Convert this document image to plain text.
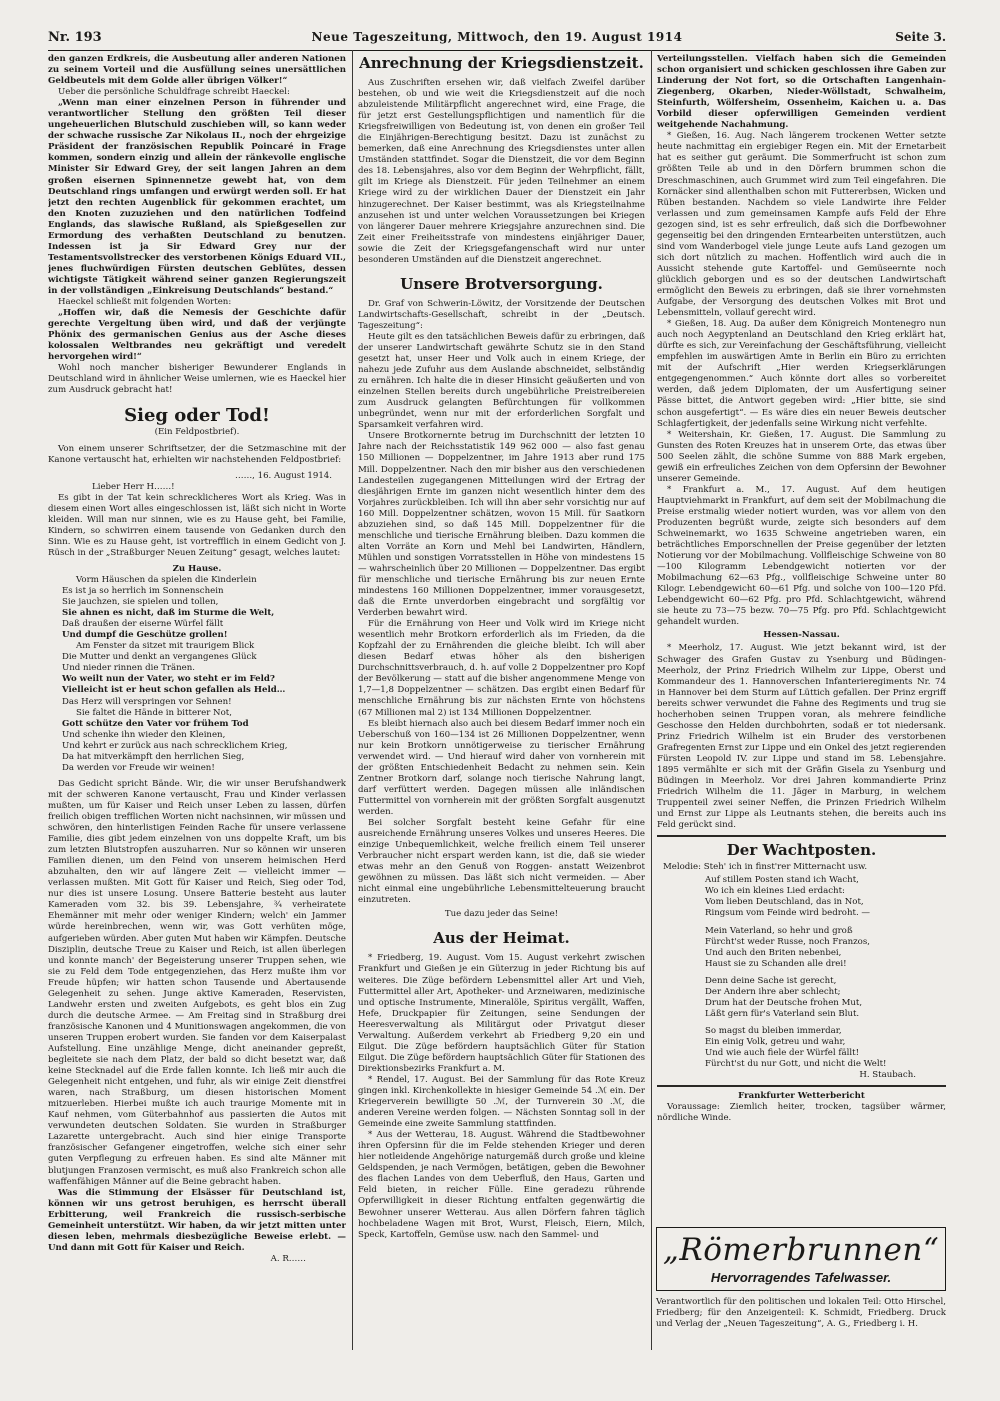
Nr. 193	Neue Tageszeitung, Mittwoch, den 19. August 1914	Seite 3.

den ganzen Erdkreis, die Ausbeutung aller anderen Nationen zu seinem Vorteil und die Ausfüllung seines unersättlichen Geldbeutels mit dem Golde aller übrigen Völker!“

Ueber die persönliche Schuldfrage schreibt Haeckel:

„Wenn man einer einzelnen Person in führender und verantwortlicher Stellung den größten Teil dieser ungeheuerlichen Blutschuld zuschieben will, so kann weder der schwache russische Zar Nikolaus II., noch der ehrgeizige Präsident der französischen Republik Poincaré in Frage kommen, sondern einzig und allein der ränkevolle englische Minister Sir Edward Grey, der seit langen Jahren an dem großen eisernen Spinnennetze gewebt hat, von dem Deutschland rings umfangen und erwürgt werden soll. Er hat jetzt den rechten Augenblick für gekommen erachtet, um den Knoten zuzuziehen und den natürlichen Todfeind Englands, das slawische Rußland, als Spießgesellen zur Ermordung des verhaßten Deutschland zu benutzen. Indessen ist ja Sir Edward Grey nur der Testamentsvollstrecker des verstorbenen Königs Eduard VII., jenes fluchwürdigen Fürsten deutschen Geblütes, dessen wichtigste Tätigkeit während seiner ganzen Regierungszeit in der vollständigen „Einkreisung Deutschlands“ bestand.“

Haeckel schließt mit folgenden Worten:

„Hoffen wir, daß die Nemesis der Geschichte dafür gerechte Vergeltung üben wird, und daß der verjüngte Phönix des germanischen Genius aus der Asche dieses kolossalen Weltbrandes neu gekräftigt und veredelt hervorgehen wird!“

Wohl noch mancher bisheriger Bewunderer Englands in Deutschland wird in ähnlicher Weise umlernen, wie es Haeckel hier zum Ausdruck gebracht hat!

Sieg oder Tod!
(Ein Feldpostbrief).

Von einem unserer Schriftsetzer, der die Setzmaschine mit der Kanone vertauscht hat, erhielten wir nachstehenden Feldpostbrief:

……, 16. August 1914.
Lieber Herr H……!

Es gibt in der Tat kein schrecklicheres Wort als Krieg. Was in diesem einen Wort alles eingeschlossen ist, läßt sich nicht in Worte kleiden. Will man nur sinnen, wie es zu Hause geht, bei Familie, Kindern, so schwirren einem tausende von Gedanken durch den Sinn. Wie es zu Hause geht, ist vortrefflich in einem Gedicht von J. Rüsch in der „Straßburger Neuen Zeitung“ gesagt, welches lautet:

Zu Hause.
Vorm Häuschen da spielen die Kinderlein
Es ist ja so herrlich im Sonnenschein
Sie jauchzen, sie spielen und tollen,
Sie ahnen es nicht, daß im Sturme die Welt,
Daß draußen der eiserne Würfel fällt
Und dumpf die Geschütze grollen!
Am Fenster da sitzet mit traurigem Blick
Die Mutter und denkt an vergangenes Glück
Und nieder rinnen die Tränen.
Wo weilt nun der Vater, wo steht er im Feld?
Vielleicht ist er heut schon gefallen als Held…
Das Herz will verspringen vor Sehnen!
Sie faltet die Hände in bitterer Not,
Gott schütze den Vater vor frühem Tod
Und schenke ihn wieder den Kleinen,
Und kehrt er zurück aus nach schrecklichem Krieg,
Da hat mitverkämpft den herrlichen Sieg,
Da werden vor Freude wir weinen!

Das Gedicht spricht Bände. Wir, die wir unser Berufshandwerk mit der schweren Kanone vertauscht, Frau und Kinder verlassen mußten, um für Kaiser und Reich unser Leben zu lassen, dürfen freilich obigen trefflichen Worten nicht nachsinnen, wir müssen und schwören, den hinterlistigen Feinden Rache für unsere verlassene Familie, dies gibt jedem einzelnen von uns doppelte Kraft, um bis zum letzten Blutstropfen auszuharren. Nur so können wir unseren Familien dienen, um den Feind von unserem heimischen Herd abzuhalten, den wir auf längere Zeit — vielleicht immer — verlassen mußten. Mit Gott für Kaiser und Reich, Sieg oder Tod, nur dies ist unsere Losung. Unsere Batterie besteht aus lauter Kameraden vom 32. bis 39. Lebensjahre, ¾ verheiratete Ehemänner mit mehr oder weniger Kindern; welch' ein Jammer würde hereinbrechen, wenn wir, was Gott verhüten möge, aufgerieben würden. Aber guten Mut haben wir Kämpfen. Deutsche Disziplin, deutsche Treue zu Kaiser und Reich, ist allen überlegen und konnte manch' der Begeisterung unserer Truppen sehen, wie sie zu Feld dem Tode entgegenziehen, das Herz mußte ihm vor Freude hüpfen; wir hatten schon Tausende und Abertausende Gelegenheit zu sehen. Junge aktive Kameraden, Reservisten, Landwehr ersten und zweiten Aufgebots, es geht blos ein Zug durch die deutsche Armee. — Am Freitag sind in Straßburg drei französische Kanonen und 4 Munitionswagen angekommen, die von unseren Truppen erobert wurden. Sie fanden vor dem Kaiserpalast Aufstellung. Eine unzählige Menge, dicht aneinander gepreßt, begleitete sie nach dem Platz, der bald so dicht besetzt war, daß keine Stecknadel auf die Erde fallen konnte. Ich ließ mir auch die Gelegenheit nicht entgehen, und fuhr, als wir einige Zeit dienstfrei waren, nach Straßburg, um diesen historischen Moment mitzuerleben. Hierbei mußte ich auch traurige Momente mit in Kauf nehmen, vom Güterbahnhof aus passierten die Autos mit verwundeten deutschen Soldaten. Sie wurden in Straßburger Lazarette untergebracht. Auch sind hier einige Transporte französischer Gefangener eingetroffen, welche sich einer sehr guten Verpflegung zu erfreuen haben. Es sind alte Männer mit blutjungen Franzosen vermischt, es muß also Frankreich schon alle waffenfähigen Männer auf die Beine gebracht haben.

Was die Stimmung der Elsässer für Deutschland ist, können wir uns getrost beruhigen, es herrscht überall Erbitterung, weil Frankreich die russisch-serbische Gemeinheit unterstützt. Wir haben, da wir jetzt mitten unter diesen leben, mehrmals diesbezügliche Beweise erlebt. — Und dann mit Gott für Kaiser und Reich.

A. R……
Anrechnung der Kriegsdienstzeit.

Aus Zuschriften ersehen wir, daß vielfach Zweifel darüber bestehen, ob und wie weit die Kriegsdienstzeit auf die noch abzuleistende Militärpflicht angerechnet wird, eine Frage, die für jetzt erst Gestellungspflichtigen und namentlich für die Kriegsfreiwilligen von Bedeutung ist, von denen ein großer Teil die Einjährigen-Berechtigung besitzt. Dazu ist zunächst zu bemerken, daß eine Anrechnung des Kriegsdienstes unter allen Umständen stattfindet. Sogar die Dienstzeit, die vor dem Beginn des 18. Lebensjahres, also vor dem Beginn der Wehrpflicht, fällt, gilt im Kriege als Dienstzeit. Für jeden Teilnehmer an einem Kriege wird zu der wirklichen Dauer der Dienstzeit ein Jahr hinzugerechnet. Der Kaiser bestimmt, was als Kriegsteilnahme anzusehen ist und unter welchen Voraussetzungen bei Kriegen von längerer Dauer mehrere Kriegsjahre anzurechnen sind. Die Zeit einer Freiheitsstrafe von mindestens einjähriger Dauer, sowie die Zeit der Kriegsgefangenschaft wird nur unter besonderen Umständen auf die Dienstzeit angerechnet.

Unsere Brotversorgung.

Dr. Graf von Schwerin-Löwitz, der Vorsitzende der Deutschen Landwirtschafts-Gesellschaft, schreibt in der „Deutsch. Tageszeitung“:

Heute gilt es den tatsächlichen Beweis dafür zu erbringen, daß der unserer Landwirtschaft gewährte Schutz sie in den Stand gesetzt hat, unser Heer und Volk auch in einem Kriege, der nahezu jede Zufuhr aus dem Auslande abschneidet, selbständig zu ernähren. Ich halte die in dieser Hinsicht geäußerten und von einzelnen Stellen bereits durch ungebührliche Preistreibereien zum Ausdruck gelangten Befürchtungen für vollkommen unbegründet, wenn nur mit der erforderlichen Sorgfalt und Sparsamkeit verfahren wird.

Unsere Brotkornernte betrug im Durchschnitt der letzten 10 Jahre nach der Reichsstatistik 149 962 000 — also fast genau 150 Millionen — Doppelzentner, im Jahre 1913 aber rund 175 Mill. Doppelzentner. Nach den mir bisher aus den verschiedenen Landesteilen zugegangenen Mitteilungen wird der Ertrag der diesjährigen Ernte im ganzen nicht wesentlich hinter dem des Vorjahres zurückbleiben. Ich will ihn aber sehr vorsichtig nur auf 160 Mill. Doppelzentner schätzen, wovon 15 Mill. für Saatkorn abzuziehen sind, so daß 145 Mill. Doppelzentner für die menschliche und tierische Ernährung bleiben. Dazu kommen die alten Vorräte an Korn und Mehl bei Landwirten, Händlern, Mühlen und sonstigen Vorratsstellen in Höhe von mindestens 15 — wahrscheinlich über 20 Millionen — Doppelzentner. Das ergibt für menschliche und tierische Ernährung bis zur neuen Ernte mindestens 160 Millionen Doppelzentner, immer vorausgesetzt, daß die Ernte unverdorben eingebracht und sorgfältig vor Verderben bewahrt wird.

Für die Ernährung von Heer und Volk wird im Kriege nicht wesentlich mehr Brotkorn erforderlich als im Frieden, da die Kopfzahl der zu Ernährenden die gleiche bleibt. Ich will aber diesen Bedarf etwas höher als den bisherigen Durchschnittsverbrauch, d. h. auf volle 2 Doppelzentner pro Kopf der Bevölkerung — statt auf die bisher angenommene Menge von 1,7—1,8 Doppelzentner — schätzen. Das ergibt einen Bedarf für menschliche Ernährung bis zur nächsten Ernte von höchstens (67 Millionen mal 2) ist 134 Millionen Doppelzentner.

Es bleibt hiernach also auch bei diesem Bedarf immer noch ein Ueberschuß von 160—134 ist 26 Millionen Doppelzentner, wenn nur kein Brotkorn unnötigerweise zu tierischer Ernährung verwendet wird. — Und hierauf wird daher von vornherein mit der größten Entschiedenheit Bedacht zu nehmen sein. Kein Zentner Brotkorn darf, solange noch tierische Nahrung langt, darf verfüttert werden. Dagegen müssen alle inländischen Futtermittel von vornherein mit der größten Sorgfalt ausgenutzt werden.

Bei solcher Sorgfalt besteht keine Gefahr für eine ausreichende Ernährung unseres Volkes und unseres Heeres. Die einzige Unbequemlichkeit, welche freilich einem Teil unserer Verbraucher nicht erspart werden kann, ist die, daß sie wieder etwas mehr an den Genuß von Roggen- anstatt Weizenbrot gewöhnen zu müssen. Das läßt sich nicht vermeiden. — Aber nicht einmal eine ungebührliche Lebensmittelteuerung braucht einzutreten.

Tue dazu jeder das Seine!
Aus der Heimat.

* Friedberg, 19. August. Vom 15. August verkehrt zwischen Frankfurt und Gießen je ein Güterzug in jeder Richtung bis auf weiteres. Die Züge befördern Lebensmittel aller Art und Vieh, Futtermittel aller Art, Apotheker- und Arzneiwaren, medizinische und optische Instrumente, Mineralöle, Spiritus vergällt, Waffen, Hefe, Druckpapier für Zeitungen, seine Sendungen der Heeresverwaltung als Militärgut oder Privatgut dieser Verwaltung. Außerdem verkehrt ab Friedberg 9,20 ein und Eilgut. Die Züge befördern hauptsächlich Güter für Station Eilgut. Die Züge befördern hauptsächlich Güter für Stationen des Direktionsbezirks Frankfurt a. M.

* Rendel, 17. August. Bei der Sammlung für das Rote Kreuz gingen inkl. Kirchenkollekte in hiesiger Gemeinde 54 .ℳ ein. Der Kriegerverein bewilligte 50 .ℳ, der Turnverein 30 .ℳ, die anderen Vereine werden folgen. — Nächsten Sonntag soll in der Gemeinde eine zweite Sammlung stattfinden.

* Aus der Wetterau, 18. August. Während die Stadtbewohner ihren Opfersinn für die im Felde stehenden Krieger und deren hier notleidende Angehörige naturgemäß durch große und kleine Geldspenden, je nach Vermögen, betätigen, geben die Bewohner des flachen Landes von dem Ueberfluß, den Haus, Garten und Feld bieten, in reicher Fülle. Eine geradezu rührende Opferwilligkeit in dieser Richtung entfalten gegenwärtig die Bewohner unserer Wetterau. Aus allen Dörfern fahren täglich hochbeladene Wagen mit Brot, Wurst, Fleisch, Eiern, Milch, Speck, Kartoffeln, Gemüse usw. nach den Sammel- und

Verteilungsstellen. Vielfach haben sich die Gemeinden schon organisiert und schicken geschlossen ihre Gaben zur Linderung der Not fort, so die Ortschaften Langenhain-Ziegenberg, Okarben, Nieder-Wöllstadt, Schwalheim, Steinfurth, Wölfersheim, Ossenheim, Kaichen u. a. Das Vorbild dieser opferwilligen Gemeinden verdient weitgehende Nachahmung.

* Gießen, 16. Aug. Nach längerem trockenen Wetter setzte heute nachmittag ein ergiebiger Regen ein. Mit der Ernetarbeit hat es seither gut geräumt. Die Sommerfrucht ist schon zum größten Teile ab und in den Dörfern brummen schon die Dreschmaschinen, auch Grummet wird zum Teil eingefahren. Die Kornäcker sind allenthalben schon mit Futtererbsen, Wicken und Rüben bestanden. Nachdem so viele Landwirte ihre Felder verlassen und zum gemeinsamen Kampfe aufs Feld der Ehre gezogen sind, ist es sehr erfreulich, daß sich die Dorfbewohner gegenseitig bei den dringenden Erntearbeiten unterstützen, auch sind vom Wanderbogel viele junge Leute aufs Land gezogen um sich dort nützlich zu machen. Hoffentlich wird auch die in Aussicht stehende gute Kartoffel- und Gemüseernte noch glücklich geborgen und es so der deutschen Landwirtschaft ermöglicht den Beweis zu erbringen, daß sie ihrer vornehmsten Aufgabe, der Versorgung des deutschen Volkes mit Brot und Lebensmitteln, vollauf gerecht wird.

* Gießen, 18. Aug. Da außer dem Königreich Montenegro nun auch noch Aegyptenland an Deutschland den Krieg erklärt hat, dürfte es sich, zur Vereinfachung der Geschäftsführung, vielleicht empfehlen im auswärtigen Amte in Berlin ein Büro zu errichten mit der Aufschrift „Hier werden Kriegserklärungen entgegengenommen.“ Auch könnte dort alles so vorbereitet werden, daß jedem Diplomaten, der um Ausfertigung seiner Pässe bittet, die Antwort gegeben wird: „Hier bitte, sie sind schon ausgefertigt“. — Es wäre dies ein neuer Beweis deutscher Schlagfertigkeit, der jedenfalls seine Wirkung nicht verfehlte.

* Weitershain, Kr. Gießen, 17. August. Die Sammlung zu Gunsten des Roten Kreuzes hat in unserem Orte, das etwas über 500 Seelen zählt, die schöne Summe von 888 Mark ergeben, gewiß ein erfreuliches Zeichen von dem Opfersinn der Bewohner unserer Gemeinde.

* Frankfurt a. M., 17. August. Auf dem heutigen Hauptviehmarkt in Frankfurt, auf dem seit der Mobilmachung die Preise erstmalig wieder notiert wurden, was vor allem von den Produzenten begrüßt wurde, zeigte sich besonders auf dem Schweinemarkt, wo 1635 Schweine angetrieben waren, ein beträchtliches Emporschnellen der Preise gegenüber der letzten Notierung vor der Mobilmachung. Vollfleischige Schweine von 80—100 Kilogramm Lebendgewicht notierten vor der Mobilmachung 62—63 Pfg., vollfleischige Schweine unter 80 Kilogr. Lebendgewicht 60—61 Pfg. und solche von 100—120 Pfd. Lebendgewicht 60—62 Pfg. pro Pfd. Schlachtgewicht, während sie heute zu 73—75 bezw. 70—75 Pfg. pro Pfd. Schlachtgewicht gehandelt wurden.

Hessen-Nassau.

* Meerholz, 17. August. Wie jetzt bekannt wird, ist der Schwager des Grafen Gustav zu Ysenburg und Büdingen-Meerholz, der Prinz Friedrich Wilhelm zur Lippe, Oberst und Kommandeur des 1. Hannoverschen Infanterieregiments Nr. 74 in Hannover bei dem Sturm auf Lüttich gefallen. Der Prinz ergriff bereits schwer verwundet die Fahne des Regiments und trug sie hocherhoben seinen Truppen voran, als mehrere feindliche Geschosse den Helden durchbohrten, sodaß er tot niedersank. Prinz Friedrich Wilhelm ist ein Bruder des verstorbenen Grafregenten Ernst zur Lippe und ein Onkel des jetzt regierenden Fürsten Leopold IV. zur Lippe und stand im 58. Lebensjahre. 1895 vermählte er sich mit der Gräfin Gisela zu Ysenburg und Büdingen in Meerholz. Vor drei Jahren kommandierte Prinz Friedrich Wilhelm die 11. Jäger in Marburg, in welchem Truppenteil zwei seiner Neffen, die Prinzen Friedrich Wilhelm und Ernst zur Lippe als Leutnants stehen, die bereits auch ins Feld gerückt sind.

Der Wachtposten.
Melodie: Steh' ich in finst'rer Mitternacht usw.
Auf stillem Posten stand ich Wacht,
Wo ich ein kleines Lied erdacht:
Vom lieben Deutschland, das in Not,
Ringsum vom Feinde wird bedroht. —
Mein Vaterland, so hehr und groß
Fürcht'st weder Russe, noch Franzos,
Und auch den Briten nebenbei,
Haust sie zu Schanden alle drei!
Denn deine Sache ist gerecht,
Der Andern ihre aber schlecht;
Drum hat der Deutsche frohen Mut,
Läßt gern für's Vaterland sein Blut.
So magst du bleiben immerdar,
Ein einig Volk, getreu und wahr,
Und wie auch fiele der Würfel fällt!
Fürcht'st du nur Gott, und nicht die Welt!
H. Staubach.
Frankfurter Wetterbericht

Voraussage: Ziemlich heiter, trocken, tagsüber wärmer, nördliche Winde.

„Römerbrunnen“
Hervorragendes Tafelwasser.
Verantwortlich für den politischen und lokalen Teil: Otto Hirschel, Friedberg; für den Anzeigenteil: K. Schmidt, Friedberg. Druck und Verlag der „Neuen Tageszeitung“, A. G., Friedberg i. H.
